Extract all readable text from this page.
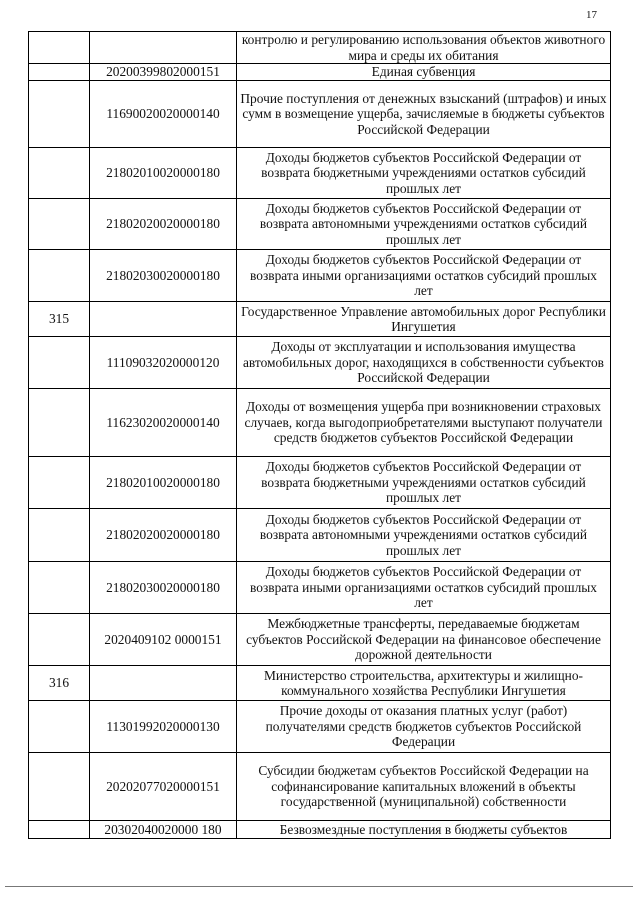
17
		контролю и регулированию использования объектов животного мира и среды их обитания
	20200399802000151	Единая субвенция
	11690020020000140	Прочие поступления от денежных взысканий (штрафов) и иных сумм в возмещение ущерба, зачисляемые в бюджеты субъектов Российской Федерации
	21802010020000180	Доходы бюджетов субъектов Российской Федерации от возврата бюджетными учреждениями остатков субсидий прошлых лет
	21802020020000180	Доходы бюджетов субъектов Российской Федерации от возврата автономными учреждениями остатков субсидий прошлых лет
	21802030020000180	Доходы бюджетов субъектов Российской Федерации от возврата иными организациями остатков субсидий прошлых лет
315		Государственное Управление автомобильных дорог Республики Ингушетия
	11109032020000120	Доходы от эксплуатации и использования имущества автомобильных дорог, находящихся в собственности субъектов Российской Федерации
	11623020020000140	Доходы от возмещения ущерба при возникновении страховых случаев, когда выгодоприобретателями выступают получатели средств бюджетов субъектов Российской Федерации
	21802010020000180	Доходы бюджетов субъектов Российской Федерации от возврата бюджетными учреждениями остатков субсидий прошлых лет
	21802020020000180	Доходы бюджетов субъектов Российской Федерации от возврата автономными учреждениями остатков субсидий прошлых лет
	21802030020000180	Доходы бюджетов субъектов Российской Федерации от возврата иными организациями остатков субсидий прошлых лет
	2020409102 0000151	Межбюджетные трансферты, передаваемые бюджетам субъектов Российской Федерации на финансовое обеспечение дорожной деятельности
316		Министерство строительства, архитектуры и жилищно-коммунального хозяйства Республики Ингушетия
	11301992020000130	Прочие доходы от оказания платных услуг (работ) получателями средств бюджетов субъектов Российской Федерации
	20202077020000151	Субсидии бюджетам субъектов Российской Федерации на софинансирование капитальных вложений в объекты государственной (муниципальной) собственности
	20302040020000 180	Безвозмездные поступления в бюджеты субъектов
